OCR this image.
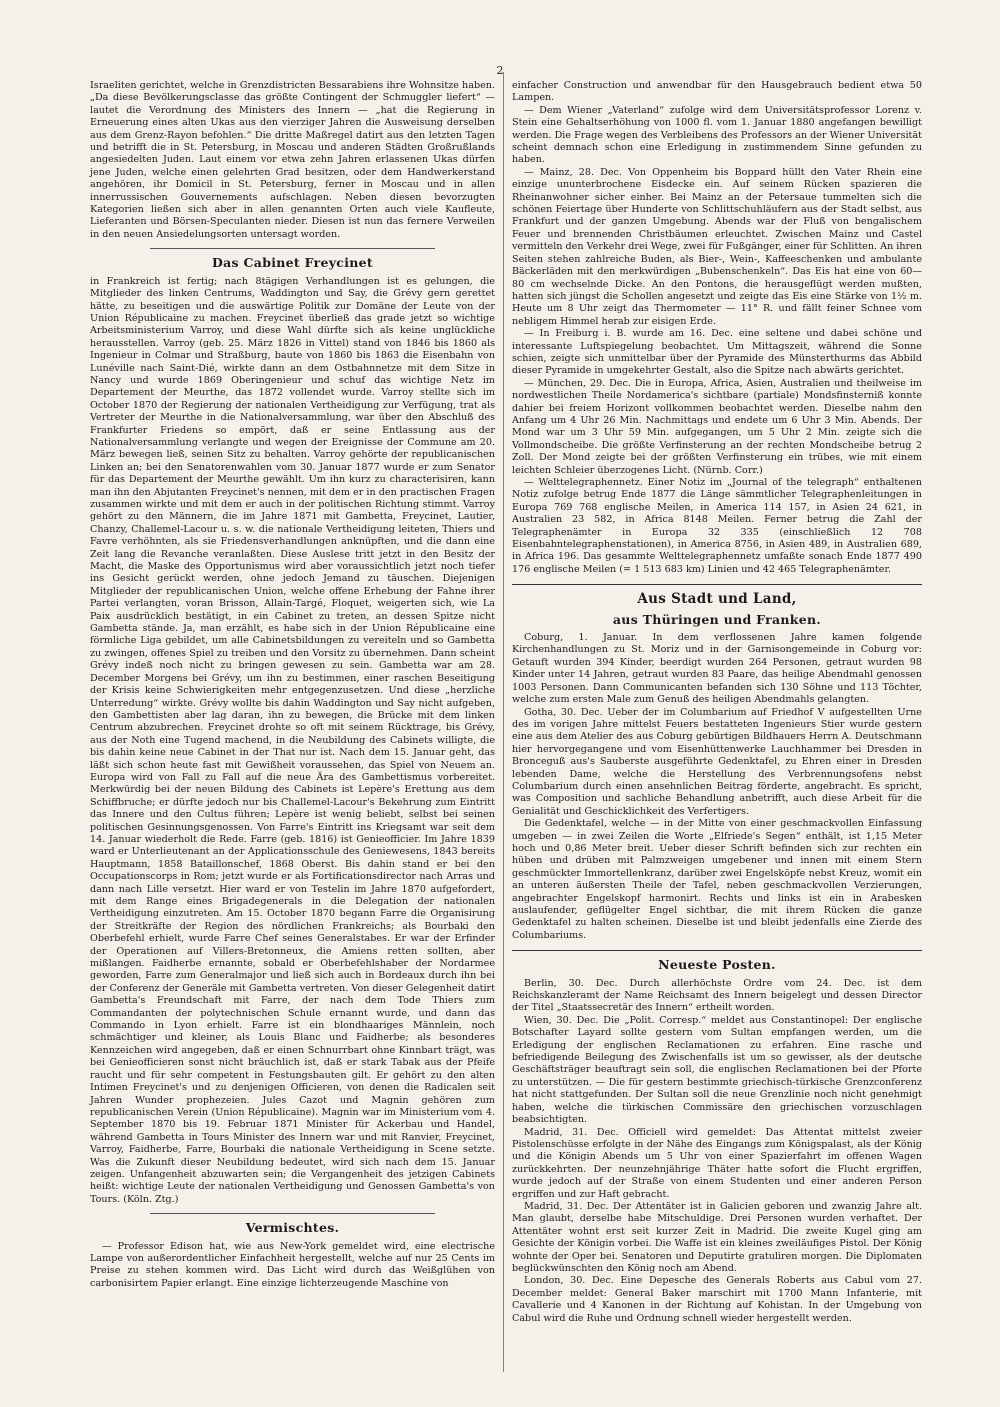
2

Israeliten gerichtet, welche in Grenzdistricten Bessarabiens ihre Wohnsitze haben. „Da diese Bevölkerungsclasse das größte Contingent der Schmuggler liefert“ — lautet die Verordnung des Ministers des Innern — „hat die Regierung in Erneuerung eines alten Ukas aus den vierziger Jahren die Ausweisung derselben aus dem Grenz-Rayon befohlen.“ Die dritte Maßregel datirt aus den letzten Tagen und betrifft die in St. Petersburg, in Moscau und anderen Städten Großrußlands angesiedelten Juden. Laut einem vor etwa zehn Jahren erlassenen Ukas dürfen jene Juden, welche einen gelehrten Grad besitzen, oder dem Handwerkerstand angehören, ihr Domicil in St. Petersburg, ferner in Moscau und in allen innerrussischen Gouvernements aufschlagen. Neben diesen bevorzugten Kategorien ließen sich aber in allen genannten Orten auch viele Kaufleute, Lieferanten und Börsen-Speculanten nieder. Diesen ist nun das fernere Verweilen in den neuen Ansiedelungsorten untersagt worden.

Das Cabinet Freycinet

in Frankreich ist fertig; nach 8tägigen Verhandlungen ist es gelungen, die Mitglieder des linken Centrums, Waddington und Say, die Grévy gern gerettet hätte, zu beseitigen und die auswärtige Politik zur Domäne der Leute von der Union Républicaine zu machen. Freycinet überließ das grade jetzt so wichtige Arbeitsministerium Varroy, und diese Wahl dürfte sich als keine unglückliche herausstellen. Varroy (geb. 25. März 1826 in Vittel) stand von 1846 bis 1860 als Ingenieur in Colmar und Straßburg, baute von 1860 bis 1863 die Eisenbahn von Lunéville nach Saint-Dié, wirkte dann an dem Ostbahnnetze mit dem Sitze in Nancy und wurde 1869 Oberingenieur und schuf das wichtige Netz im Departement der Meurthe, das 1872 vollendet wurde. Varroy stellte sich im October 1870 der Regierung der nationalen Vertheidigung zur Verfügung, trat als Vertreter der Meurthe in die Nationalversammlung, war über den Abschluß des Frankfurter Friedens so empört, daß er seine Entlassung aus der Nationalversammlung verlangte und wegen der Ereignisse der Commune am 20. März bewegen ließ, seinen Sitz zu behalten. Varroy gehörte der republicanischen Linken an; bei den Senatorenwahlen vom 30. Januar 1877 wurde er zum Senator für das Departement der Meurthe gewählt. Um ihn kurz zu characterisiren, kann man ihn den Abjutanten Freycinet's nennen, mit dem er in den practischen Fragen zusammen wirkte und mit dem er auch in der politischen Richtung stimmt. Varroy gehört zu den Männern, die im Jahre 1871 mit Gambetta, Freycinet, Lautier, Chanzy, Challemel-Lacour u. s. w. die nationale Vertheidigung leiteten, Thiers und Favre verhöhnten, als sie Friedensverhandlungen anknüpften, und die dann eine Zeit lang die Revanche veranlaßten. Diese Auslese tritt jetzt in den Besitz der Macht, die Maske des Opportunismus wird aber voraussichtlich jetzt noch tiefer ins Gesicht gerückt werden, ohne jedoch Jemand zu täuschen. Diejenigen Mitglieder der republicanischen Union, welche offene Erhebung der Fahne ihrer Partei verlangten, voran Brisson, Allain-Targé, Floquet, weigerten sich, wie La Paix ausdrücklich bestätigt, in ein Cabinet zu treten, an dessen Spitze nicht Gambetta stände. Ja, man erzählt, es habe sich in der Union Républicaine eine förmliche Liga gebildet, um alle Cabinetsbildungen zu vereiteln und so Gambetta zu zwingen, offenes Spiel zu treiben und den Vorsitz zu übernehmen. Dann scheint Grévy indeß noch nicht zu bringen gewesen zu sein. Gambetta war am 28. December Morgens bei Grévy, um ihn zu bestimmen, einer raschen Beseitigung der Krisis keine Schwierigkeiten mehr entgegenzusetzen. Und diese „herzliche Unterredung“ wirkte. Grévy wollte bis dahin Waddington und Say nicht aufgeben, den Gambettisten aber lag daran, ihn zu bewegen, die Brücke mit dem linken Centrum abzubrechen. Freycinet drohte so oft mit seinem Rücktrage, bis Grévy, aus der Noth eine Tugend machend, in die Neubildung des Cabinets willigte, die bis dahin keine neue Cabinet in der That nur ist. Nach dem 15. Januar geht, das läßt sich schon heute fast mit Gewißheit voraussehen, das Spiel von Neuem an. Europa wird von Fall zu Fall auf die neue Ära des Gambettismus vorbereitet. Merkwürdig bei der neuen Bildung des Cabinets ist Lepère's Erettung aus dem Schiffbruche; er dürfte jedoch nur bis Challemel-Lacour's Bekehrung zum Eintritt das Innere und den Cultus führen; Lepère ist wenig beliebt, selbst bei seinen politischen Gesinnungsgenossen. Von Farre's Eintritt ins Kriegsamt war seit dem 14. Januar wiederholt die Rede. Farre (geb. 1816) ist Genieofficier. Im Jahre 1839 ward er Unterlieutenant an der Applicationsschule des Geniewesens, 1843 bereits Hauptmann, 1858 Bataillonschef, 1868 Oberst. Bis dahin stand er bei den Occupationscorps in Rom; jetzt wurde er als Fortificationsdirector nach Arras und dann nach Lille versetzt. Hier ward er von Testelin im Jahre 1870 aufgefordert, mit dem Range eines Brigadegenerals in die Delegation der nationalen Vertheidigung einzutreten. Am 15. October 1870 begann Farre die Organisirung der Streitkräfte der Region des nördlichen Frankreichs; als Bourbaki den Oberbefehl erhielt, wurde Farre Chef seines Generalstabes. Er war der Erfinder der Operationen auf Villers-Bretonneux, die Amiens retten sollten, aber mißlangen. Faidherbe ernannte, sobald er Oberbefehlshaber der Nordarmee geworden, Farre zum Generalmajor und ließ sich auch in Bordeaux durch ihn bei der Conferenz der Generäle mit Gambetta vertreten. Von dieser Gelegenheit datirt Gambetta's Freundschaft mit Farre, der nach dem Tode Thiers zum Commandanten der polytechnischen Schule ernannt wurde, und dann das Commando in Lyon erhielt. Farre ist ein blondhaariges Männlein, noch schmächtiger und kleiner, als Louis Blanc und Faidherbe; als besonderes Kennzeichen wird angegeben, daß er einen Schnurrbart ohne Kinnbart trägt, was bei Genieofficieren sonst nicht bräuchlich ist, daß er stark Tabak aus der Pfeife raucht und für sehr competent in Festungsbauten gilt. Er gehört zu den alten Intimen Freycinet's und zu denjenigen Officieren, von denen die Radicalen seit Jahren Wunder prophezeien. Jules Cazot und Magnin gehören zum republicanischen Verein (Union Républicaine). Magnin war im Ministerium vom 4. September 1870 bis 19. Februar 1871 Minister für Ackerbau und Handel, während Gambetta in Tours Minister des Innern war und mit Ranvier, Freycinet, Varroy, Faidherbe, Farre, Bourbaki die nationale Vertheidigung in Scene setzte. Was die Zukunft dieser Neubildung bedeutet, wird sich nach dem 15. Januar zeigen. Unfangenheit abzuwarten sein; die Vergangenheit des jetzigen Cabinets heißt: wichtige Leute der nationalen Vertheidigung und Genossen Gambetta's von Tours. (Köln. Ztg.)

Vermischtes.

— Professor Edison hat, wie aus New-York gemeldet wird, eine electrische Lampe von außerordentlicher Einfachheit hergestellt, welche auf nur 25 Cents im Preise zu stehen kommen wird. Das Licht wird durch das Weißglühen von carbonisirtem Papier erlangt. Eine einzige lichterzeugende Maschine von

einfacher Construction und anwendbar für den Hausgebrauch bedient etwa 50 Lampen.

— Dem Wiener „Vaterland“ zufolge wird dem Universitätsprofessor Lorenz v. Stein eine Gehaltserhöhung von 1000 fl. vom 1. Januar 1880 angefangen bewilligt werden. Die Frage wegen des Verbleibens des Professors an der Wiener Universität scheint demnach schon eine Erledigung in zustimmendem Sinne gefunden zu haben.

— Mainz, 28. Dec. Von Oppenheim bis Boppard hüllt den Vater Rhein eine einzige ununterbrochene Eisdecke ein. Auf seinem Rücken spazieren die Rheinanwohner sicher einher. Bei Mainz an der Petersaue tummelten sich die schönen Feiertage über Hunderte von Schlittschuhläufern aus der Stadt selbst, aus Frankfurt und der ganzen Umgebung. Abends war der Fluß von bengalischem Feuer und brennenden Christbäumen erleuchtet. Zwischen Mainz und Castel vermitteln den Verkehr drei Wege, zwei für Fußgänger, einer für Schlitten. An ihren Seiten stehen zahlreiche Buden, als Bier-, Wein-, Kaffeeschenken und ambulante Bäckerläden mit den merkwürdigen „Bubenschenkeln“. Das Eis hat eine von 60—80 cm wechselnde Dicke. An den Pontons, die herausgeflügt werden mußten, hatten sich jüngst die Schollen angesetzt und zeigte das Eis eine Stärke von 1½ m. Heute um 8 Uhr zeigt das Thermometer — 11° R. und fällt feiner Schnee vom nebligem Himmel herab zur eisigen Erde.

— In Freiburg i. B. wurde am 16. Dec. eine seltene und dabei schöne und interessante Luftspiegelung beobachtet. Um Mittagszeit, während die Sonne schien, zeigte sich unmittelbar über der Pyramide des Münsterthurms das Abbild dieser Pyramide in umgekehrter Gestalt, also die Spitze nach abwärts gerichtet.

— München, 29. Dec. Die in Europa, Africa, Asien, Australien und theilweise im nordwestlichen Theile Nordamerica's sichtbare (partiale) Mondsfinsterniß konnte dahier bei freiem Horizont vollkommen beobachtet werden. Dieselbe nahm den Anfang um 4 Uhr 26 Min. Nachmittags und endete um 6 Uhr 3 Min. Abends. Der Mond war um 3 Uhr 59 Min. aufgegangen, um 5 Uhr 2 Min. zeigte sich die Vollmondscheibe. Die größte Verfinsterung an der rechten Mondscheibe betrug 2 Zoll. Der Mond zeigte bei der größten Verfinsterung ein trübes, wie mit einem leichten Schleier überzogenes Licht. (Nürnb. Corr.)

— Welttelegraphennetz. Einer Notiz im „Journal of the telegraph“ enthaltenen Notiz zufolge betrug Ende 1877 die Länge sämmtlicher Telegraphenleitungen in Europa 769 768 englische Meilen, in America 114 157, in Asien 24 621, in Australien 23 582, in Africa 8148 Meilen. Ferner betrug die Zahl der Telegraphenämter in Europa 32 335 (einschließlich 12 708 Eisenbahntelegraphenstationen), in America 8756, in Asien 489, in Australien 689, in Africa 196. Das gesammte Welttelegraphennetz umfaßte sonach Ende 1877 490 176 englische Meilen (= 1 513 683 km) Linien und 42 465 Telegraphenämter.

Aus Stadt und Land,
aus Thüringen und Franken.

Coburg, 1. Januar. In dem verflossenen Jahre kamen folgende Kirchenhandlungen zu St. Moriz und in der Garnisongemeinde in Coburg vor: Getauft wurden 394 Kinder, beerdigt wurden 264 Personen, getraut wurden 98 Kinder unter 14 Jahren, getraut wurden 83 Paare, das heilige Abendmahl genossen 1003 Personen. Dann Communicanten befanden sich 130 Söhne und 113 Töchter, welche zum ersten Male zum Genuß des heiligen Abendmahls gelangten.

Gotha, 30. Dec. Ueber der im Columbarium auf Friedhof V aufgestellten Urne des im vorigen Jahre mittelst Feuers bestatteten Ingenieurs Stier wurde gestern eine aus dem Atelier des aus Coburg gebürtigen Bildhauers Herrn A. Deutschmann hier hervorgegangene und vom Eisenhüttenwerke Lauchhammer bei Dresden in Bronceguß aus's Sauberste ausgeführte Gedenktafel, zu Ehren einer in Dresden lebenden Dame, welche die Herstellung des Verbrennungsofens nebst Columbarium durch einen ansehnlichen Beitrag förderte, angebracht. Es spricht, was Composition und sachliche Behandlung anbetrifft, auch diese Arbeit für die Genialität und Geschicklichkeit des Verfertigers.

Die Gedenktafel, welche — in der Mitte von einer geschmackvollen Einfassung umgeben — in zwei Zeilen die Worte „Elfriede's Segen“ enthält, ist 1,15 Meter hoch und 0,86 Meter breit. Ueber dieser Schrift befinden sich zur rechten ein hüben und drüben mit Palmzweigen umgebener und innen mit einem Stern geschmückter Immortellenkranz, darüber zwei Engelsköpfe nebst Kreuz, womit ein an unteren äußersten Theile der Tafel, neben geschmackvollen Verzierungen, angebrachter Engelskopf harmonirt. Rechts und links ist ein in Arabesken auslaufender, geflügelter Engel sichtbar, die mit ihrem Rücken die ganze Gedenktafel zu halten scheinen. Dieselbe ist und bleibt jedenfalls eine Zierde des Columbariums.

Neueste Posten.

Berlin, 30. Dec. Durch allerhöchste Ordre vom 24. Dec. ist dem Reichskanzleramt der Name Reichsamt des Innern beigelegt und dessen Director der Titel „Staatssecretär des Innern“ ertheilt worden.

Wien, 30. Dec. Die „Polit. Corresp.“ meldet aus Constantinopel: Der englische Botschafter Layard sollte gestern vom Sultan empfangen werden, um die Erledigung der englischen Reclamationen zu erfahren. Eine rasche und befriedigende Beilegung des Zwischenfalls ist um so gewisser, als der deutsche Geschäftsträger beauftragt sein soll, die englischen Reclamationen bei der Pforte zu unterstützen. — Die für gestern bestimmte griechisch-türkische Grenzconferenz hat nicht stattgefunden. Der Sultan soll die neue Grenzlinie noch nicht genehmigt haben, welche die türkischen Commissäre den griechischen vorzuschlagen beabsichtigten.

Madrid, 31. Dec. Officiell wird gemeldet: Das Attentat mittelst zweier Pistolenschüsse erfolgte in der Nähe des Eingangs zum Königspalast, als der König und die Königin Abends um 5 Uhr von einer Spazierfahrt im offenen Wagen zurückkehrten. Der neunzehnjährige Thäter hatte sofort die Flucht ergriffen, wurde jedoch auf der Straße von einem Studenten und einer anderen Person ergriffen und zur Haft gebracht.

Madrid, 31. Dec. Der Attentäter ist in Galicien geboren und zwanzig Jahre alt. Man glaubt, derselbe habe Mitschuldige. Drei Personen wurden verhaftet. Der Attentäter wohnt erst seit kurzer Zeit in Madrid. Die zweite Kugel ging am Gesichte der Königin vorbei. Die Waffe ist ein kleines zweiläufiges Pistol. Der König wohnte der Oper bei. Senatoren und Deputirte gratuliren morgen. Die Diplomaten beglückwünschten den König noch am Abend.

London, 30. Dec. Eine Depesche des Generals Roberts aus Cabul vom 27. December meldet: General Baker marschirt mit 1700 Mann Infanterie, mit Cavallerie und 4 Kanonen in der Richtung auf Kohistan. In der Umgebung von Cabul wird die Ruhe und Ordnung schnell wieder hergestellt werden.
